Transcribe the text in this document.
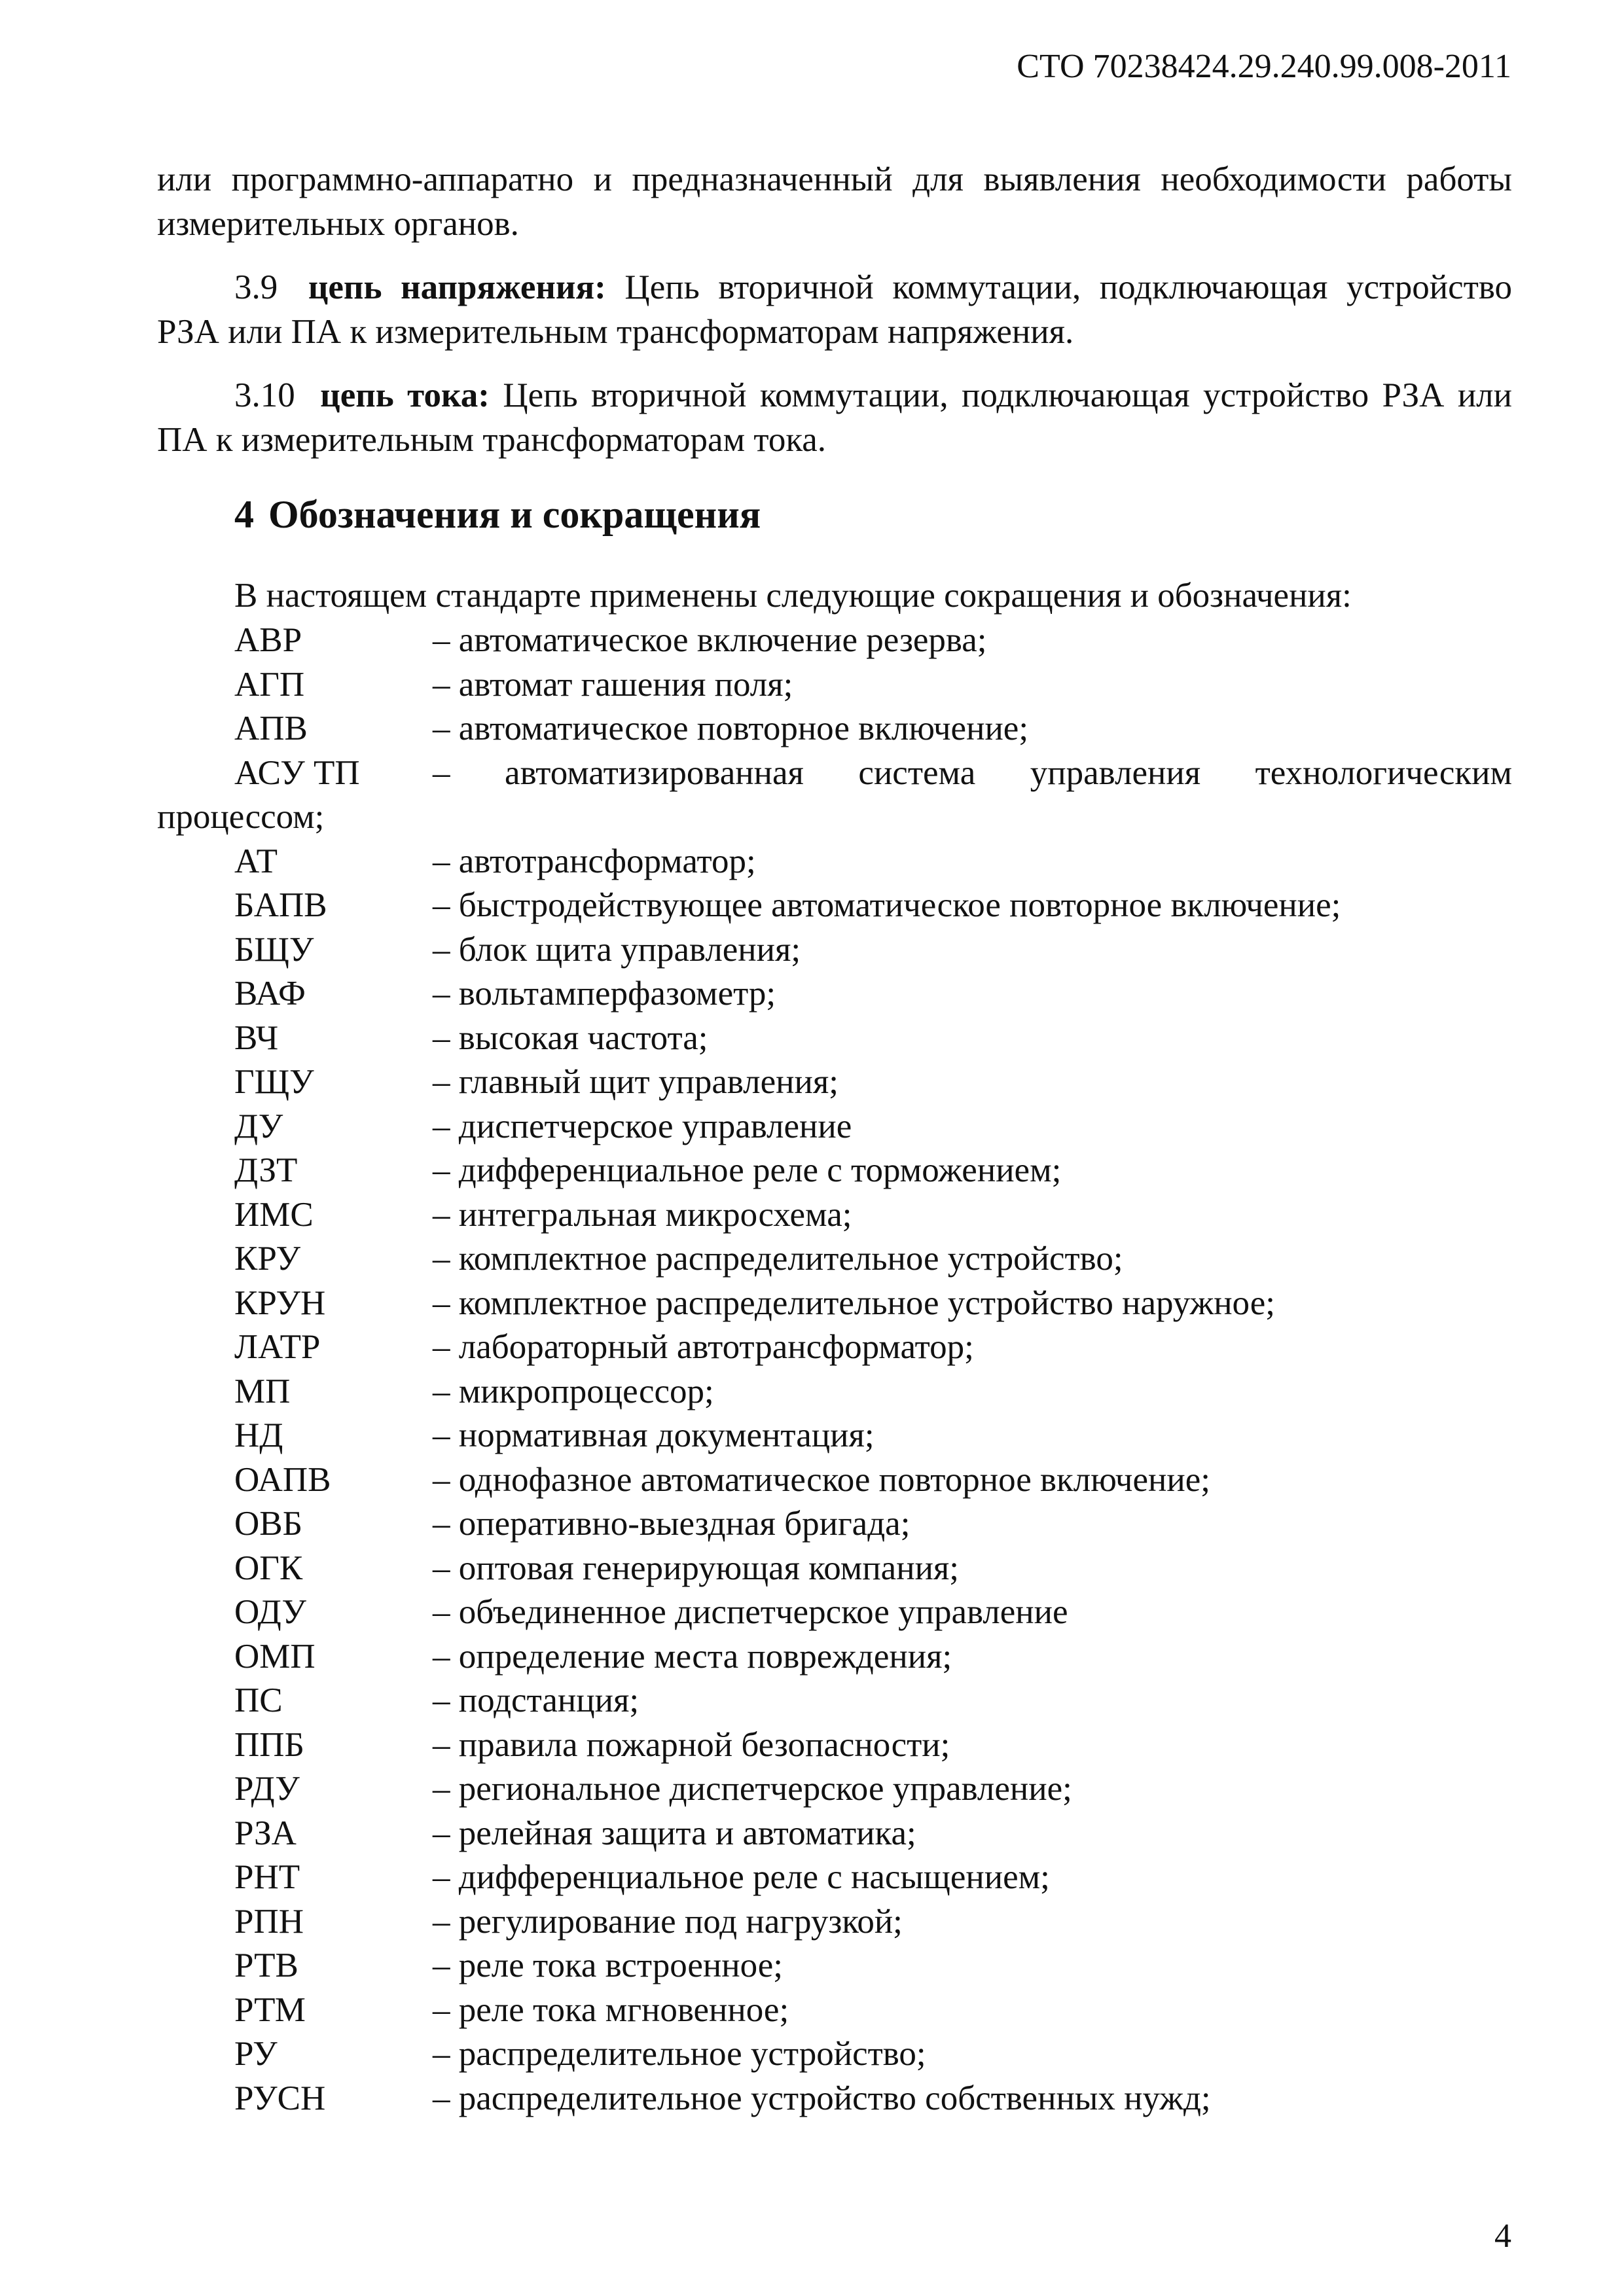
СТО 70238424.29.240.99.008-2011
или программно-аппаратно и предназначенный для выявления необходимости работы измерительных органов.
3.9 цепь напряжения: Цепь вторичной коммутации, подключающая устройство РЗА или ПА к измерительным трансформаторам напряжения.
3.10 цепь тока: Цепь вторичной коммутации, подключающая устройство РЗА или ПА к измерительным трансформаторам тока.
4 Обозначения и сокращения
В настоящем стандарте применены следующие сокращения и обозначения:
АВР	– автоматическое включение резерва;
АГП	– автомат гашения поля;
АПВ	– автоматическое повторное включение;
АСУ ТП – автоматизированная система управления технологическим
процессом;
АТ	– автотрансформатор;
БАПВ	– быстродействующее автоматическое повторное включение;
БЩУ	– блок щита управления;
ВАФ	– вольтамперфазометр;
ВЧ	– высокая частота;
ГЩУ	– главный щит управления;
ДУ	– диспетчерское управление
ДЗТ	– дифференциальное реле с торможением;
ИМС	– интегральная микросхема;
КРУ	– комплектное распределительное устройство;
КРУН	– комплектное распределительное устройство наружное;
ЛАТР	– лабораторный автотрансформатор;
МП	– микропроцессор;
НД	– нормативная документация;
ОАПВ	– однофазное автоматическое повторное включение;
ОВБ	– оперативно-выездная бригада;
ОГК	– оптовая генерирующая компания;
ОДУ	– объединенное диспетчерское управление
ОМП	– определение места повреждения;
ПС	– подстанция;
ППБ	– правила пожарной безопасности;
РДУ	– региональное диспетчерское управление;
РЗА	– релейная защита и автоматика;
РНТ	– дифференциальное реле с насыщением;
РПН	– регулирование под нагрузкой;
РТВ	– реле тока встроенное;
РТМ	– реле тока мгновенное;
РУ	– распределительное устройство;
РУСН	– распределительное устройство собственных нужд;
4
